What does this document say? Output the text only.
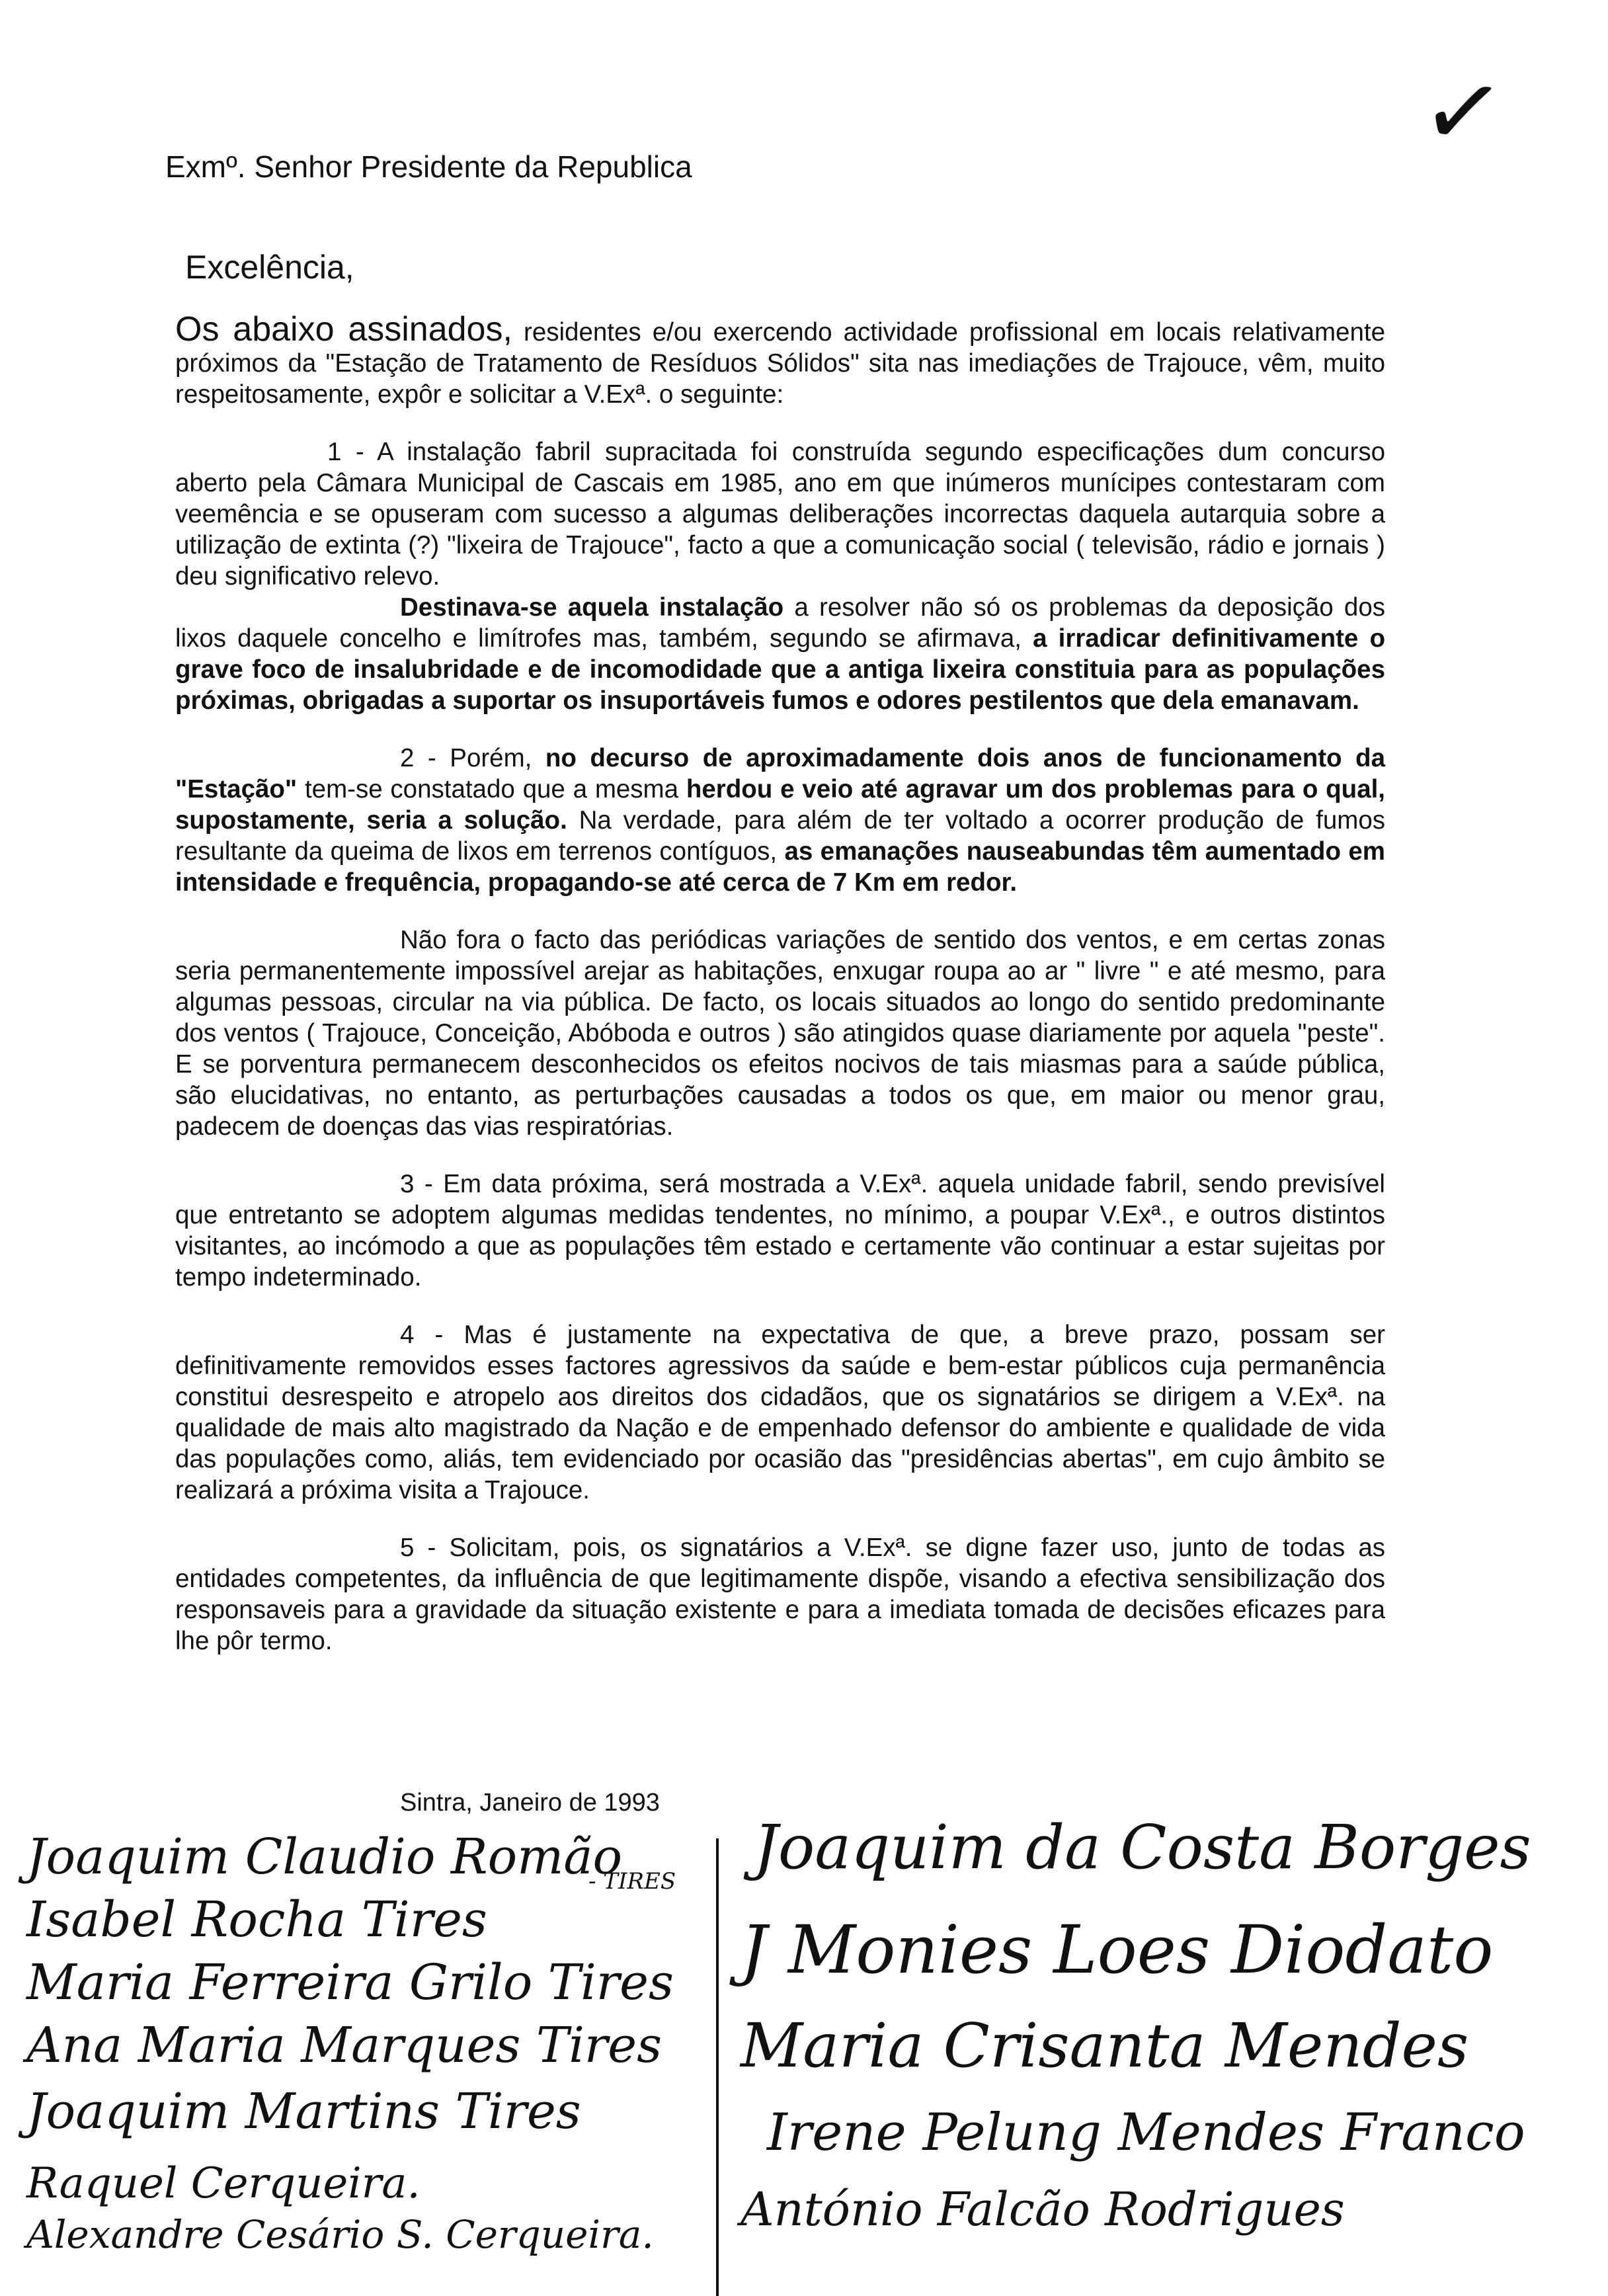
✓
Exmº. Senhor Presidente da Republica
Excelência,

Os abaixo assinados, residentes e/ou exercendo actividade profissional em locais relativamente próximos da "Estação de Tratamento de Resíduos Sólidos" sita nas imediações de Trajouce, vêm, muito respeitosamente, expôr e solicitar a V.Exª. o seguinte:

1 - A instalação fabril supracitada foi construída segundo especificações dum concurso aberto pela Câmara Municipal de Cascais em 1985, ano em que inúmeros munícipes contestaram com veemência e se opuseram com sucesso a algumas deliberações incorrectas daquela autarquia sobre a utilização de extinta (?) "lixeira de Trajouce", facto a que a comunicação social ( televisão, rádio e jornais ) deu significativo relevo.

Destinava-se aquela instalação a resolver não só os problemas da deposição dos lixos daquele concelho e limítrofes mas, também, segundo se afirmava, a irradicar definitivamente o grave foco de insalubridade e de incomodidade que a antiga lixeira constituia para as populações próximas, obrigadas a suportar os insuportáveis fumos e odores pestilentos que dela emanavam.

2 - Porém, no decurso de aproximadamente dois anos de funcionamento da "Estação" tem-se constatado que a mesma herdou e veio até agravar um dos problemas para o qual, supostamente, seria a solução. Na verdade, para além de ter voltado a ocorrer produção de fumos resultante da queima de lixos em terrenos contíguos, as emanações nauseabundas têm aumentado em intensidade e frequência, propagando-se até cerca de 7 Km em redor.

Não fora o facto das periódicas variações de sentido dos ventos, e em certas zonas seria permanentemente impossível arejar as habitações, enxugar roupa ao ar " livre " e até mesmo, para algumas pessoas, circular na via pública. De facto, os locais situados ao longo do sentido predominante dos ventos ( Trajouce, Conceição, Abóboda e outros ) são atingidos quase diariamente por aquela "peste". E se porventura permanecem desconhecidos os efeitos nocivos de tais miasmas para a saúde pública, são elucidativas, no entanto, as perturbações causadas a todos os que, em maior ou menor grau, padecem de doenças das vias respiratórias.

3 - Em data próxima, será mostrada a V.Exª. aquela unidade fabril, sendo previsível que entretanto se adoptem algumas medidas tendentes, no mínimo, a poupar V.Exª., e outros distintos visitantes, ao incómodo a que as populações têm estado e certamente vão continuar a estar sujeitas por tempo indeterminado.

4 - Mas é justamente na expectativa de que, a breve prazo, possam ser definitivamente removidos esses factores agressivos da saúde e bem-estar públicos cuja permanência constitui desrespeito e atropelo aos direitos dos cidadãos, que os signatários se dirigem a V.Exª. na qualidade de mais alto magistrado da Nação e de empenhado defensor do ambiente e qualidade de vida das populações como, aliás, tem evidenciado por ocasião das "presidências abertas", em cujo âmbito se realizará a próxima visita a Trajouce.

5 - Solicitam, pois, os signatários a V.Exª. se digne fazer uso, junto de todas as entidades competentes, da influência de que legitimamente dispõe, visando a efectiva sensibilização dos responsaveis para a gravidade da situação existente e para a imediata tomada de decisões eficazes para lhe pôr termo.

Sintra, Janeiro de 1993
Joaquim Claudio Romão
- TIRES
Isabel Rocha Tires
Maria Ferreira Grilo Tires
Ana Maria Marques Tires
Joaquim Martins Tires
Raquel Cerqueira.
Alexandre Cesário S. Cerqueira.
Joaquim da Costa Borges
J Monies Loes Diodato
Maria Crisanta Mendes
Irene Pelung Mendes Franco
António Falcão Rodrigues
